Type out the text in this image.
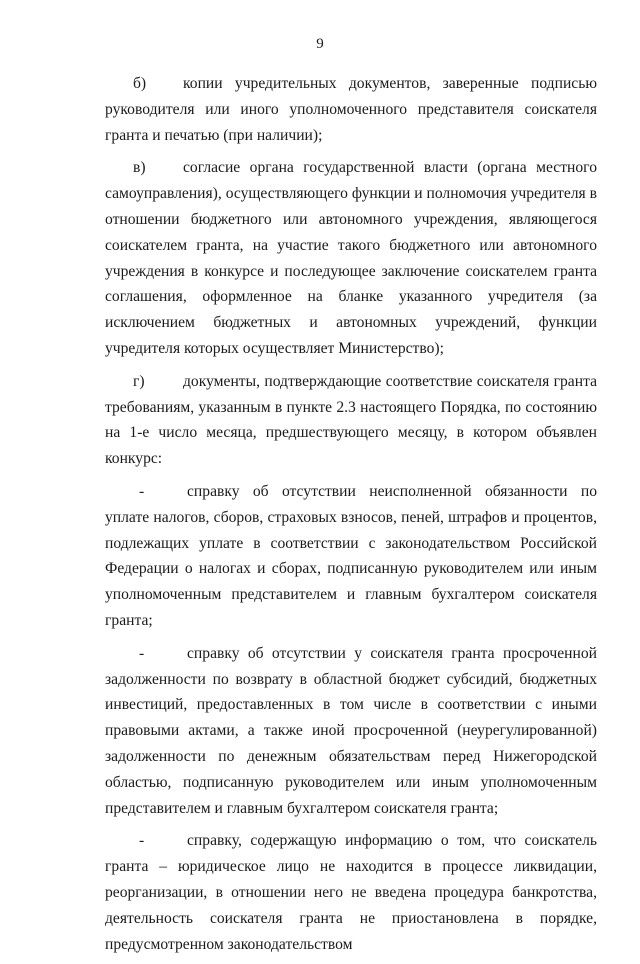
9

б) копии учредительных документов, заверенные подписью руководителя или иного уполномоченного представителя соискателя гранта и печатью (при наличии);

в) согласие органа государственной власти (органа местного самоуправления), осуществляющего функции и полномочия учредителя в отношении бюджетного или автономного учреждения, являющегося соискателем гранта, на участие такого бюджетного или автономного учреждения в конкурсе и последующее заключение соискателем гранта соглашения, оформленное на бланке указанного учредителя (за исключением бюджетных и автономных учреждений, функции учредителя которых осуществляет Министерство);

г) документы, подтверждающие соответствие соискателя гранта требованиям, указанным в пункте 2.3 настоящего Порядка, по состоянию на 1-е число месяца, предшествующего месяцу, в котором объявлен конкурс:

-	справку об отсутствии неисполненной обязанности по уплате налогов, сборов, страховых взносов, пеней, штрафов и процентов, подлежащих уплате в соответствии с законодательством Российской Федерации о налогах и сборах, подписанную руководителем или иным уполномоченным представителем и главным бухгалтером соискателя гранта;

-	справку об отсутствии у соискателя гранта просроченной задолженности по возврату в областной бюджет субсидий, бюджетных инвестиций, предоставленных в том числе в соответствии с иными правовыми актами, а также иной просроченной (неурегулированной) задолженности по денежным обязательствам перед Нижегородской областью, подписанную руководителем или иным уполномоченным представителем и главным бухгалтером соискателя гранта;

-	справку, содержащую информацию о том, что соискатель гранта – юридическое лицо не находится в процессе ликвидации, реорганизации, в отношении него не введена процедура банкротства, деятельность соискателя гранта не приостановлена в порядке, предусмотренном законодательством
